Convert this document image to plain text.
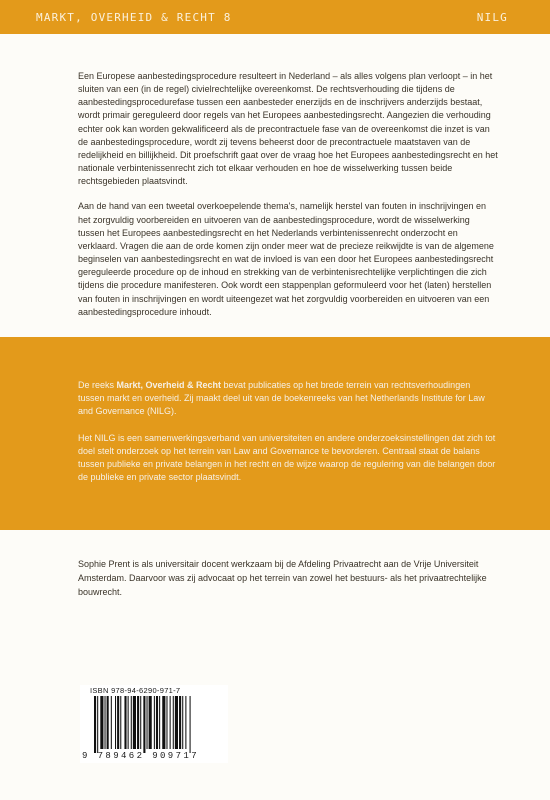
MARKT, OVERHEID & RECHT 8	NILG

Een Europese aanbestedingsprocedure resulteert in Nederland – als alles volgens plan verloopt – in het sluiten van een (in de regel) civielrechtelijke overeenkomst. De rechtsverhouding die tijdens de aanbestedingsprocedurefase tussen een aanbesteder enerzijds en de inschrijvers anderzijds bestaat, wordt primair gereguleerd door regels van het Europees aanbestedingsrecht. Aangezien die verhouding echter ook kan worden gekwalificeerd als de precontractuele fase van de overeenkomst die inzet is van de aanbestedingsprocedure, wordt zij tevens beheerst door de precontractuele maatstaven van de redelijkheid en billijkheid. Dit proefschrift gaat over de vraag hoe het Europees aanbestedingsrecht en het nationale verbintenissenrecht zich tot elkaar verhouden en hoe de wisselwerking tussen beide rechtsgebieden plaatsvindt.

Aan de hand van een tweetal overkoepelende thema's, namelijk herstel van fouten in inschrijvingen en het zorgvuldig voorbereiden en uitvoeren van de aanbestedingsprocedure, wordt de wisselwerking tussen het Europees aanbestedingsrecht en het Nederlands verbintenissenrecht onderzocht en verklaard. Vragen die aan de orde komen zijn onder meer wat de precieze reikwijdte is van de algemene beginselen van aanbestedingsrecht en wat de invloed is van een door het Europees aanbestedingsrecht gereguleerde procedure op de inhoud en strekking van de verbintenisrechtelijke verplichtingen die zich tijdens die procedure manifesteren. Ook wordt een stappenplan geformuleerd voor het (laten) herstellen van fouten in inschrijvingen en wordt uiteengezet wat het zorgvuldig voorbereiden en uitvoeren van een aanbestedingsprocedure inhoudt.

De reeks Markt, Overheid & Recht bevat publicaties op het brede terrein van rechtsverhoudingen tussen markt en overheid. Zij maakt deel uit van de boekenreeks van het Netherlands Institute for Law and Governance (NILG).

Het NILG is een samenwerkingsverband van universiteiten en andere onderzoeksinstellingen dat zich tot doel stelt onderzoek op het terrein van Law and Governance te bevorderen. Centraal staat de balans tussen publieke en private belangen in het recht en de wijze waarop de regulering van die belangen door de publieke en private sector plaatsvindt.

Sophie Prent is als universitair docent werkzaam bij de Afdeling Privaatrecht aan de Vrije Universiteit Amsterdam. Daarvoor was zij advocaat op het terrein van zowel het bestuurs- als het privaatrechtelijke bouwrecht.
ISBN 978-94-6290-971-7
9 789462 909717
